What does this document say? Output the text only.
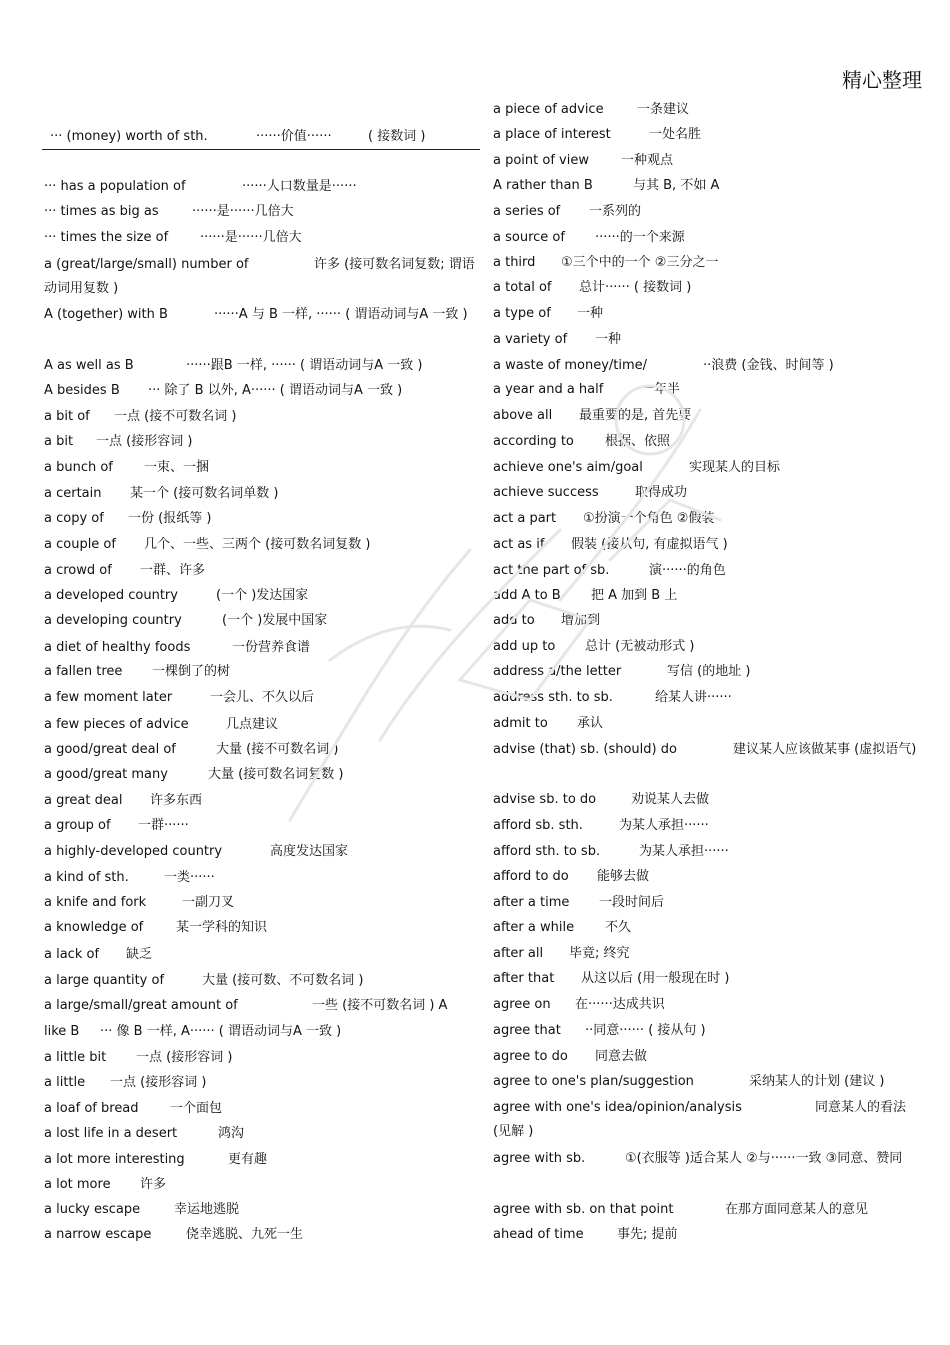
精心整理
··· (money) worth of sth.	······价值······	( 接数词 )
··· has a population of	······人口数量是······
··· times as big as	······是······几倍大
··· times the size of ······是······几倍大
a (great/large/small) number of	许多 (接可数名词复数; 谓语动词用复数 )
A (together) with B	······A 与 B 一样, ······ ( 谓语动词与A 一致 )
A as well as B	······跟B 一样, ······ ( 谓语动词与A 一致 )
A besides B ··· 除了 B 以外, A······ ( 谓语动词与A 一致 )
a bit of 一点 (接不可数名词 )
a bit 一点 (接形容词 )
a bunch of 一束、一捆
a certain 某一个 (接可数名词单数 )
a copy of 一份 (报纸等 )
a couple of 几个、一些、三两个 (接可数名词复数 )
a crowd of 一群、许多
a developed country	(一个 )发达国家
a developing country	(一个 )发展中国家
a diet of healthy foods	一份营养食谱
a fallen tree 一棵倒了的树
a few moment later	一会儿、不久以后
a few pieces of advice	几点建议
a good/great deal of	大量 (接不可数名词 )
a good/great many	大量 (接可数名词复数 )
a great deal 许多东西
a group of 一群······
a highly-developed country	高度发达国家
a kind of sth.	一类······
a knife and fork	一副刀叉
a knowledge of	某一学科的知识
a lack of 缺乏
a large quantity of	大量 (接可数、不可数名词 )
a large/small/great amount of	一些 (接不可数名词 ) A
like B ··· 像 B 一样, A······ ( 谓语动词与A 一致 )
a little bit 一点 (接形容词 )
a little 一点 (接形容词 )
a loaf of bread 一个面包
a lost life in a desert	鸿沟
a lot more interesting	更有趣
a lot more 许多
a lucky escape	幸运地逃脱
a narrow escape	侥幸逃脱、九死一生
a piece of advice	一条建议
a place of interest	一处名胜
a point of view 一种观点
A rather than B	与其 B, 不如 A
a series of 一系列的
a source of ······的一个来源
a third ①三个中的一个 ②三分之一
a total of 总计······ ( 接数词 )
a type of 一种
a variety of 一种
a waste of money/time/	··浪费 (金钱、时间等 )
a year and a half	一年半
above all 最重要的是, 首先要
according to 根据、依照
achieve one's aim/goal	实现某人的目标
achieve success	取得成功
act a part ①扮演一个角色 ②假装
act as if 假装 (接从句, 有虚拟语气 )
act the part of sb.	演······的角色
add A to B 把 A 加到 B 上
add to 增加到
add up to 总计 (无被动形式 )
address a/the letter	写信 (的地址 )
address sth. to sb.	给某人讲······
admit to 承认
advise (that) sb. (should) do	建议某人应该做某事 (虚拟语气)
advise sb. to do	劝说某人去做
afford sb. sth.	为某人承担······
afford sth. to sb.	为某人承担······
afford to do 能够去做
after a time 一段时间后
after a while 不久
after all 毕竟; 终究
after that 从这以后 (用一般现在时 )
agree on 在······达成共识
agree that ··同意······ ( 接从句 )
agree to do 同意去做
agree to one's plan/suggestion	采纳某人的计划 (建议 )
agree with one's idea/opinion/analysis	同意某人的看法 (见解 )
agree with sb.	①(衣服等 )适合某人 ②与······一致 ③同意、赞同
agree with sb. on that point	在那方面同意某人的意见
ahead of time	事先; 提前
